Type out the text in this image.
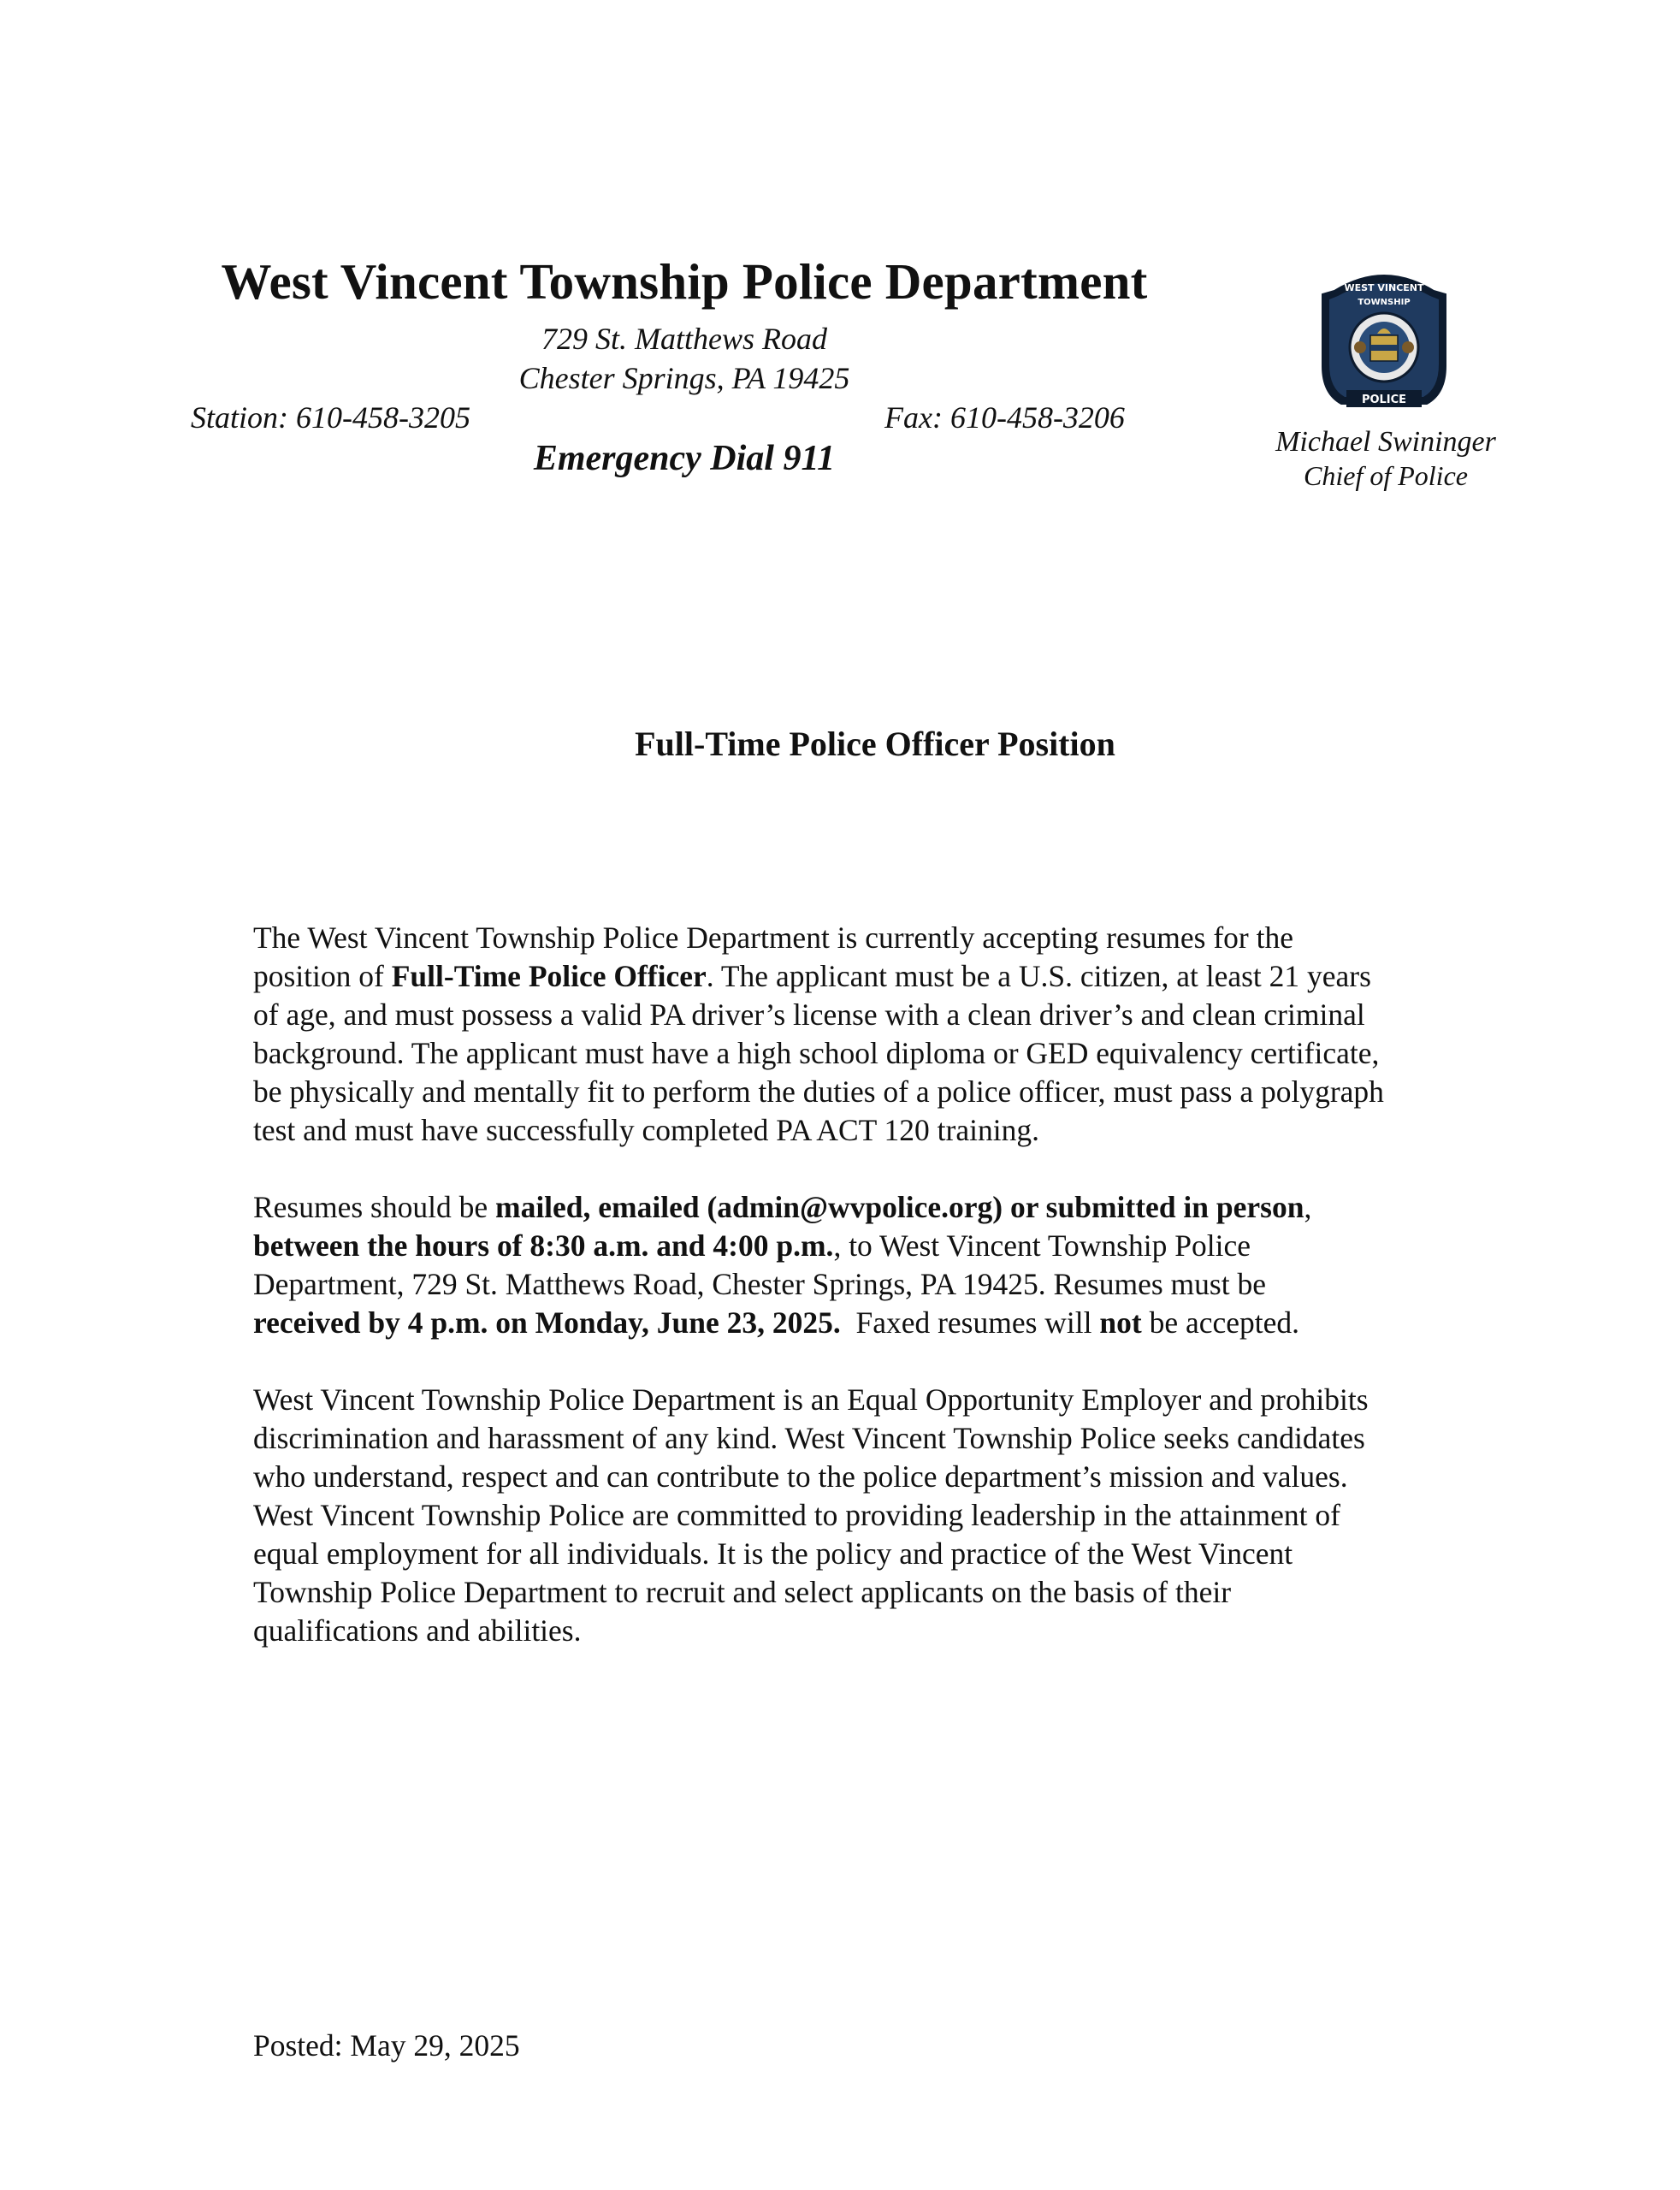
West Vincent Township Police Department
729 St. Matthews Road
Chester Springs, PA 19425
Station: 610-458-3205	Fax: 610-458-3206
Emergency Dial 911
WEST VINCENT
TOWNSHIP
POLICE
Michael Swininger
Chief of Police
Full-Time Police Officer Position
The West Vincent Township Police Department is currently accepting resumes for the
position of Full-Time Police Officer. The applicant must be a U.S. citizen, at least 21 years
of age, and must possess a valid PA driver’s license with a clean driver’s and clean criminal
background. The applicant must have a high school diploma or GED equivalency certificate,
be physically and mentally fit to perform the duties of a police officer, must pass a polygraph
test and must have successfully completed PA ACT 120 training.
Resumes should be mailed, emailed (admin@wvpolice.org) or submitted in person,
between the hours of 8:30 a.m. and 4:00 p.m., to West Vincent Township Police
Department, 729 St. Matthews Road, Chester Springs, PA 19425. Resumes must be
received by 4 p.m. on Monday, June 23, 2025.  Faxed resumes will not be accepted.
West Vincent Township Police Department is an Equal Opportunity Employer and prohibits
discrimination and harassment of any kind. West Vincent Township Police seeks candidates
who understand, respect and can contribute to the police department’s mission and values.
West Vincent Township Police are committed to providing leadership in the attainment of
equal employment for all individuals. It is the policy and practice of the West Vincent
Township Police Department to recruit and select applicants on the basis of their
qualifications and abilities.
Posted: May 29, 2025
